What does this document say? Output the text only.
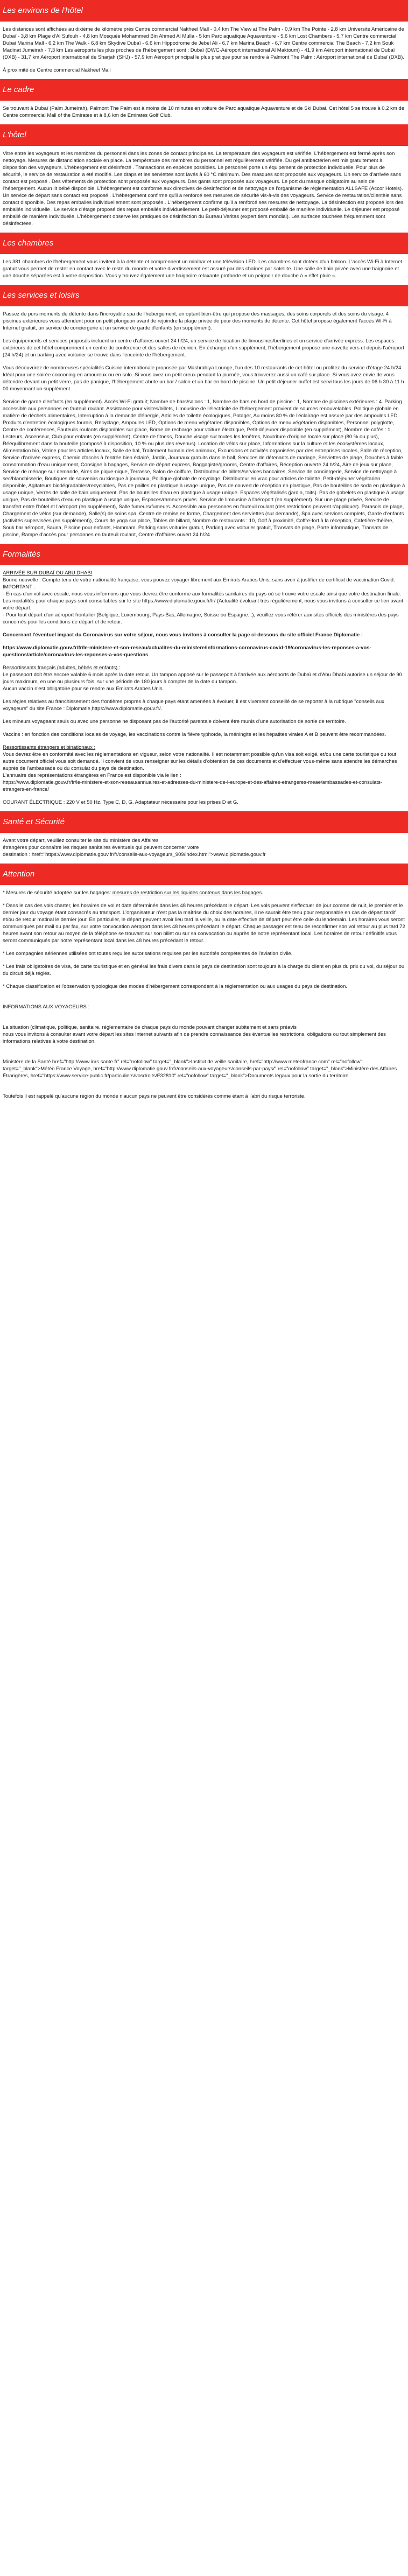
Les environs de l'hôtel
Les distances sont affichées au dixième de kilomètre près Centre commercial Nakheel Mall - 0,4 km The View at The Palm - 0,9 km The Pointe - 2,8 km Université Américaine de Dubaï - 3,8 km Plage d'Al Sufouh - 4,8 km Mosquée Mohammed Bin Ahmed Al Mulla - 5 km Parc aquatique Aquaventure - 5,6 km Lost Chambers - 5,7 km Centre commercial Dubai Marina Mall - 6,2 km The Walk - 6,8 km Skydive Dubaï - 6,6 km Hippodrome de Jebel Ali - 6,7 km Marina Beach - 6,7 km Centre commercial The Beach - 7,2 km Souk Madinat Jumeirah - 7,3 km Les aéroports les plus proches de l'hébergement sont : Dubaï (DWC-Aéroport international Al Maktoum) - 41,9 km Aéroport international de Dubaï (DXB) - 31,7 km Aéroport international de Sharjah (SHJ) - 57,9 km Aéroport principal le plus pratique pour se rendre à Palmont The Palm : Aéroport international de Dubaï (DXB).
À proximité de Centre commercial Nakheel Mall
Le cadre
Se trouvant à Dubaï (Palm Jumeirah), Palmont The Palm est à moins de 10 minutes en voiture de Parc aquatique Aquaventure et de Ski Dubai. Cet hôtel 5 se trouve à 0,2 km de Centre commercial Mall of the Emirates et à 8,6 km de Emirates Golf Club.
L'hôtel
Vitre entre les voyageurs et les membres du personnel dans les zones de contact principales. La température des voyageurs est vérifiée. L'hébergement est fermé après son nettoyage. Mesures de distanciation sociale en place. La température des membres du personnel est régulièrement vérifiée. Du gel antibactérien est mis gratuitement à disposition des voyageurs. L'hébergement est désinfecté . Transactions en espèces possibles. Le personnel porte un équipement de protection individuelle. Pour plus de sécurité, le service de restauration a été modifié. Les draps et les serviettes sont lavés à 60 °C minimum. Des masques sont proposés aux voyageurs. Un service d'arrivée sans contact est proposé . Des vêtements de protection sont proposés aux voyageurs. Des gants sont proposés aux voyageurs. Le port du masque obligatoire au sein de l'hébergement. Aucun lit bébé disponible. L'hébergement est conforme aux directives de désinfection et de nettoyage de l'organisme de réglementation ALLSAFE (Accor Hotels). Un service de départ sans contact est proposé . L'hébergement confirme qu'il a renforcé ses mesures de sécurité vis-à-vis des voyageurs. Service de restauration/clientèle sans contact disponible. Des repas emballés individuellement sont proposés . L'hébergement confirme qu'il a renforcé ses mesures de nettoyage. La désinfection est proposé lors des emballés individuelle . Le service d'étage proposé des repas emballés individuellement. Le petit-déjeuner est proposé emballé de manière individuelle. Le déjeuner est proposé emballé de manière individuelle. L'hébergement observe les pratiques de désinfection du Bureau Veritas (expert tiers mondial). Les surfaces touchées fréquemment sont désinfectées.
Les chambres
Les 381 chambres de l'hébergement vous invitent à la détente et comprennent un minibar et une télévision LED. Les chambres sont dotées d'un balcon. L'accès Wi-Fi à Internet gratuit vous permet de rester en contact avec le reste du monde et votre divertissement est assuré par des chaînes par satellite. Une salle de bain privée avec une baignoire et une douche séparées est à votre disposition. Vous y trouvez également une baignoire relaxante profonde et un peignoir de douche à « effet pluie ».
Les services et loisirs
Passez de purs moments de détente dans l'incroyable spa de l'hébergement, en optant bien-être qui propose des massages, des soins corporels et des soins du visage. 4 piscines extérieures vous attendent pour un petit plongeon avant de rejoindre la plage privée de pour des moments de détente. Cet hôtel propose également l'accès Wi-Fi à Internet gratuit, un service de conciergerie et un service de garde d'enfants (en supplément).
Les équipements et services proposés incluent un centre d'affaires ouvert 24 h/24, un service de location de limousines/berlines et un service d'arrivée express. Les espaces extérieurs de cet hôtel comprennent un centre de conférence et des salles de réunion. En échange d'un supplément, l'hébergement propose une navette vers et depuis l'aéroport (24 h/24) et un parking avec voiturier se trouve dans l'enceinte de l'hébergement.
Vous découvrirez de nombreuses spécialités Cuisine internationale proposée par Mashrabiya Lounge, l'un des 10 restaurants de cet hôtel ou profitez du service d'étage 24 h/24. Idéal pour une soirée cocooning en amoureux ou en solo. Si vous avez un petit creux pendant la journée, vous trouverez aussi un café sur place. Si vous avez envie de vous détendre devant un petit verre, pas de panique, l'hébergement abrite un bar / salon et un bar en bord de piscine. Un petit déjeuner buffet est servi tous les jours de 06 h 30 à 11 h 00 moyennant un supplément.
Service de garde d'enfants (en supplément). Accès Wi-Fi gratuit; Nombre de bars/salons : 1, Nombre de bars en bord de piscine : 1, Nombre de piscines extérieures : 4. Parking accessible aux personnes en fauteuil roulant. Assistance pour visites/billets, Limousine de l'électricité de l'hébergement provient de sources renouvelables. Politique globale en matière de déchets alimentaires, Interruption à la demande d'énergie, Articles de toilette écologiques, Potager, Au moins 80 % de l'éclairage est assuré par des ampoules LED. Produits d'entretien écologiques fournis, Recyclage, Ampoules LED, Options de menu végétarien disponibles, Options de menu végétarien disponibles, Personnel polyglotte, Centre de conférences, Fauteuils roulants disponibles sur place, Borne de recharge pour voiture électrique, Petit-déjeuner disponible (en supplément), Nombre de cafés : 1, Lecteurs, Ascenseur, Club pour enfants (en supplément), Centre de fitness, Douche visage sur toutes les fenêtres, Nourriture d'origine locale sur place (80 % ou plus), Rééquilibrement dans la bouteille (composé à disposition, 10 % ou plus des revenus). Location de vélos sur place, Informations sur la culture et les écosystèmes locaux, Alimentation bio, Vitrine pour les articles locaux, Salle de bal, Traitement humain des animaux, Excursions et activités organisées par des entreprises locales, Salle de réception, Service d'arrivée express, Chemin d'accès à l'entrée bien éclairé, Jardin, Journaux gratuits dans le hall, Services de détenants de mariage, Serviettes de plage, Douches à faible consommation d'eau uniquement, Consigne à bagages, Service de départ express, Baggagiste/grooms, Centre d'affaires, Réception ouverte 24 h/24, Aire de jeux sur place, Service de ménage sur demande, Aires de pique-nique, Terrasse, Salon de coiffure, Distributeur de billets/services bancaires, Service de conciergerie, Service de nettoyage à sec/blanchisserie, Boutiques de souvenirs ou kiosque à journaux, Politique globale de recyclage, Distributeur en vrac pour articles de toilette, Petit-déjeuner végétarien disponible, Agitateurs biodégradables/recyclables, Pas de pailles en plastique à usage unique, Pas de couvert de réception en plastique, Pas de bouteilles de soda en plastique à usage unique, Verres de salle de bain uniquement. Pas de bouteilles d'eau en plastique à usage unique. Espaces végétalisés (jardin, toits). Pas de gobelets en plastique à usage unique, Pas de bouteilles d'eau en plastique à usage unique, Espaces/rameurs privés. Service de limousine à l'aéroport (en supplément). Sur une plage privée, Service de transfert entre l'hôtel et l'aéroport (en supplément), Salle fumeurs/fumeurs. Accessible aux personnes en fauteuil roulant (des restrictions peuvent s'appliquer). Parasols de plage, Chargement de vélos (sur demande), Salle(s) de soins spa, Centre de remise en forme, Chargement des serviettes (sur demande), Spa avec services complets, Garde d'enfants (activités supervisées (en supplément)), Cours de yoga sur place, Tables de billard, Nombre de restaurants : 10, Golf à proximité, Coffre-fort à la réception, Cafetière-théière, Souk bar aéroport, Sauna, Piscine pour enfants, Hammam. Parking sans voiturier gratuit, Parking avec voiturier gratuit, Transats de plage, Porte informatique, Transats de piscine, Rampe d'accès pour personnes en fauteuil roulant, Centre d'affaires ouvert 24 h/24
Formalités
ARRIVÉE SUR DUBAÏ OU ABU DHABI
Bonne nouvelle : Compte tenu de votre nationalité française, vous pouvez voyager librement aux Emirats Arabes Unis, sans avoir à justifier de certificat de vaccination Covid.
IMPORTANT :
- En cas d'un vol avec escale, nous vous informons que vous devrez être conforme aux formalités sanitaires du pays où se trouve votre escale ainsi que votre destination finale.
Les modalités pour chaque pays sont consultables sur le site https://www.diplomatie.gouv.fr/fr/ (Actualité évoluant très régulièrement, nous vous invitons à consulter ce lien avant votre départ.
- Pour tout départ d'un aéroport frontalier (Belgique, Luxembourg, Pays-Bas, Allemagne, Suisse ou Espagne...), veuillez vous référer aux sites officiels des ministères des pays concernés pour les conditions de départ et de retour.
Concernant l'éventuel impact du Coronavirus sur votre séjour, nous vous invitons à consulter la page ci-dessous du site officiel France Diplomatie :
https://www.diplomatie.gouv.fr/fr/le-ministere-et-son-reseau/actualites-du-ministere/informations-coronavirus-covid-19/coronavirus-les-reponses-a-vos-questions/article/coronavirus-les-reponses-a-vos-questions
Ressortissants français (adultes, bébés et enfants) :
Le passeport doit être encore valable 6 mois après la date retour. Un tampon apposé sur le passeport à l'arrivée aux aéroports de Dubaï et d'Abu Dhabi autorise un séjour de 90 jours maximum, en une ou plusieurs fois, sur une période de 180 jours à compter de la date du tampon.
Aucun vaccin n'est obligatoire pour se rendre aux Emirats Arabes Unis.
Les règles relatives au franchissement des frontières propres à chaque pays étant amenées à évoluer, il est vivement conseillé de se reporter à la rubrique "conseils aux voyageurs" du site France : Diplomatie,https://www.diplomatie.gouv.fr/.
Les mineurs voyageant seuls ou avec une personne ne disposant pas de l'autorité parentale doivent être munis d'une autorisation de sortie de territoire.
Vaccins : en fonction des conditions locales de voyage, les vaccinations contre la fièvre typhoïde, la méningite et les hépatites virales A et B peuvent être recommandées.
Ressortissants étrangers et binationaux :
Vous devrez être en conformité avec les réglementations en vigueur, selon votre nationalité. Il est notamment possible qu'un visa soit exigé, et/ou une carte touristique ou tout autre document officiel vous soit demandé. Il convient de vous renseigner sur les détails d'obtention de ces documents et d'effectuer vous-même sans attendre les démarches auprès de l'ambassade ou du consulat du pays de destination.
L'annuaire des représentations étrangères en France est disponible via le lien :
https://www.diplomatie.gouv.fr/fr/le-ministere-et-son-reseau/annuaires-et-adresses-du-ministere-de-l-europe-et-des-affaires-etrangeres-meae/ambassades-et-consulats-etrangers-en-france/
COURANT ÉLECTRIQUE : 220 V et 50 Hz. Type C, D, G. Adaptateur nécessaire pour les prises D et G.
Santé et Sécurité
Avant votre départ, veuillez consulter le site du ministère des Affaires
étrangères pour connaître les risques sanitaires éventuels qui peuvent concerner votre
destination : href="https://www.diplomatie.gouv.fr/fr/conseils-aux-voyageurs_909/index.html">www.diplomatie.gouv.fr
Attention
* Mesures de sécurité adoptée sur les bagages: mesures de restriction sur les liquides contenus dans les bagages.
* Dans le cas des vols charter, les horaires de vol et date déterminés dans les 48 heures précédant le départ. Les vols peuvent s'effectuer de jour comme de nuit, le premier et le dernier jour du voyage étant consacrés au transport. L'organisateur n'est pas la maîtrise du choix des horaires, il ne saurait être tenu pour responsable en cas de départ tardif et/ou de retour matinal le dernier jour. En particulier, le départ peuvent avoir lieu tard la veille, ou la date effective de départ peut être celle du lendemain. Les horaires vous seront communiqués par mail ou par fax, sur votre convocation aéroport dans les 48 heures précédant le départ. Chaque passager est tenu de reconfirmer son vol retour au plus tard 72 heures avant son retour au moyen de la téléphone se trouvant sur son billet ou sur sa convocation ou auprès de notre représentant local. Les horaires de retour définitifs vous seront communiqués par notre représentant local dans les 48 heures précédant le retour.
* Les compagnies aériennes utilisées ont toutes reçu les autorisations requises par les autorités compétentes de l'aviation civile.
* Les frais obligatoires de visa, de carte touristique et en général les frais divers dans le pays de destination sont toujours à la charge du client en plus du prix du vol, du séjour ou du circuit déjà réglés.
* Chaque classification et l'observation typologique des modes d'hébergement correspondent à la réglementation ou aux usages du pays de destination.
INFORMATIONS AUX VOYAGEURS :
La situation (climatique, politique, sanitaire, réglementaire de chaque pays du monde pouvant changer subitement et sans préavis
nous vous invitons à consulter avant votre départ les sites Internet suivants afin de prendre connaissance des éventuelles restrictions, obligations ou tout simplement des informations relatives à votre destination.
Ministère de la Santé href="http://www.inrs.sante.fr" rel="nofollow" target="_blank">Institut de veille sanitaire, href="http://www.meteofrance.com" rel="nofollow" target="_blank">Météo France Voyage, href="http://www.diplomatie.gouv.fr/fr/conseils-aux-voyageurs/conseils-par-pays/" rel="nofollow" target="_blank">Ministère des Affaires Étrangères, href="https://www.service-public.fr/particuliers/vosdroits/F32810" rel="nofollow" target="_blank">Documents légaux pour la sortie du territoire.
Toutefois il est rappelé qu'aucune région du monde n'aucun pays ne peuvent être considérés comme étant à l'abri du risque terroriste.
